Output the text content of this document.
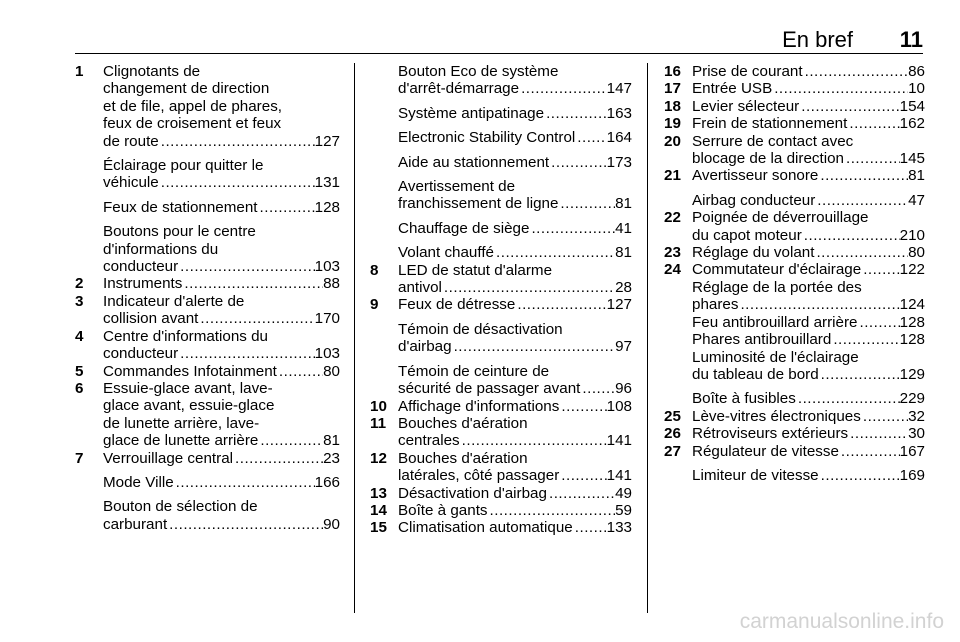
En bref 11
1 Clignotants de
changement de direction
et de file, appel de phares,
feux de croisement et feux
de route .....	127
Éclairage pour quitter le
véhicule .....	131
Feux de stationnement .....	128
Boutons pour le centre
d'informations du
conducteur .....	103
2 Instruments .....	88
3 Indicateur d'alerte de
collision avant .....	170
4 Centre d'informations du
conducteur .....	103
5 Commandes Infotainment .....	80
6 Essuie-glace avant, lave-
glace avant, essuie-glace
de lunette arrière, lave-
glace de lunette arrière .....	81
7 Verrouillage central .....	23
Mode Ville .....	166
Bouton de sélection de
carburant .....	90
Bouton Eco de système
d'arrêt-démarrage .....	147
Système antipatinage .....	163
Electronic Stability Control ..... 164
Aide au stationnement .....	173
Avertissement de
franchissement de ligne .....	81
Chauffage de siège .....	41
Volant chauffé .....	81
8 LED de statut d'alarme
antivol .....	28
9 Feux de détresse .....	127
Témoin de désactivation
d'airbag .....	97
Témoin de ceinture de
sécurité de passager avant ..... 96
10 Affichage d'informations .....	108
11 Bouches d'aération
centrales .....	141
12 Bouches d'aération
latérales, côté passager .....	141
13 Désactivation d'airbag .....	49
14 Boîte à gants .....	59
15 Climatisation automatique ..... 133
16 Prise de courant .....	86
17 Entrée USB .....	10
18 Levier sélecteur .....	154
19 Frein de stationnement .....	162
20 Serrure de contact avec
blocage de la direction .....	145
21 Avertisseur sonore .....	81
Airbag conducteur .....	47
22 Poignée de déverrouillage
du capot moteur .....	210
23 Réglage du volant .....	80
24 Commutateur d'éclairage .....	122
Réglage de la portée des
phares .....	124
Feu antibrouillard arrière .....	128
Phares antibrouillard .....	128
Luminosité de l'éclairage
du tableau de bord .....	129
Boîte à fusibles .....	229
25 Lève-vitres électroniques .....	32
26 Rétroviseurs extérieurs .....	30
27 Régulateur de vitesse .....	167
Limiteur de vitesse .....	169
carmanualsonline.info
